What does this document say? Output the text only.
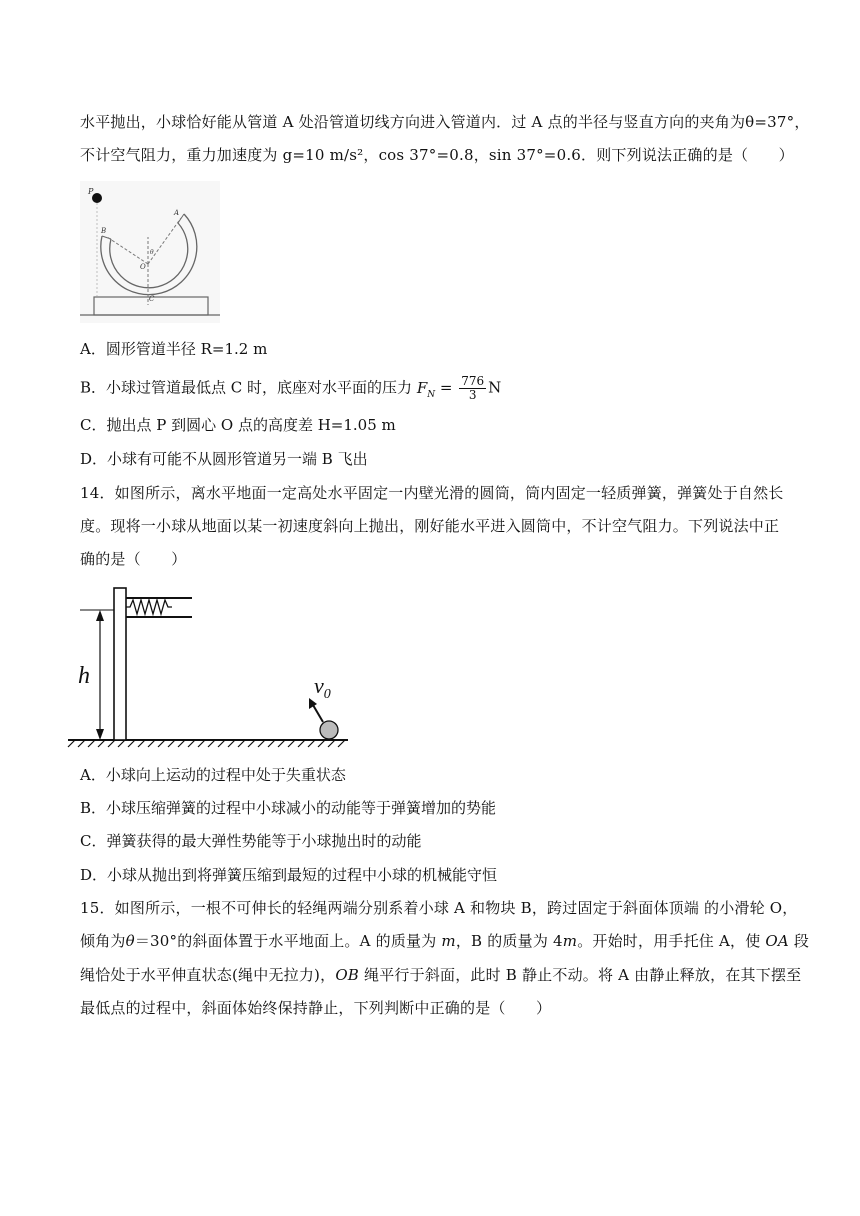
水平抛出，小球恰好能从管道 A 处沿管道切线方向进入管道内．过 A 点的半径与竖直方向的夹角为θ=37°，
不计空气阻力，重力加速度为 g=10 m/s²，cos 37°=0.8，sin 37°=0.6．则下列说法正确的是（　　）
P
A
B
O
θ
C
A．圆形管道半径 R=1.2 m
B．小球过管道最低点 C 时，底座对水平面的压力 $F_N = \frac{776}{3}$ N
C．抛出点 P 到圆心 O 点的高度差 H=1.05 m
D．小球有可能不从圆形管道另一端 B 飞出
14．如图所示，离水平地面一定高处水平固定一内壁光滑的圆筒，筒内固定一轻质弹簧，弹簧处于自然长
度。现将一小球从地面以某一初速度斜向上抛出，刚好能水平进入圆筒中，不计空气阻力。下列说法中正
确的是（　　）
h	$v_0$
A．小球向上运动的过程中处于失重状态
B．小球压缩弹簧的过程中小球减小的动能等于弹簧增加的势能
C．弹簧获得的最大弹性势能等于小球抛出时的动能
D．小球从抛出到将弹簧压缩到最短的过程中小球的机械能守恒
15．如图所示，一根不可伸长的轻绳两端分别系着小球 A 和物块 B，跨过固定于斜面体顶端 的小滑轮 O，
倾角为θ＝30°的斜面体置于水平地面上。A 的质量为 m，B 的质量为 4m。开始时，用手托住 A，使 OA 段
绳恰处于水平伸直状态(绳中无拉力)，OB 绳平行于斜面，此时 B 静止不动。将 A 由静止释放，在其下摆至
最低点的过程中，斜面体始终保持静止，下列判断中正确的是（　　）
